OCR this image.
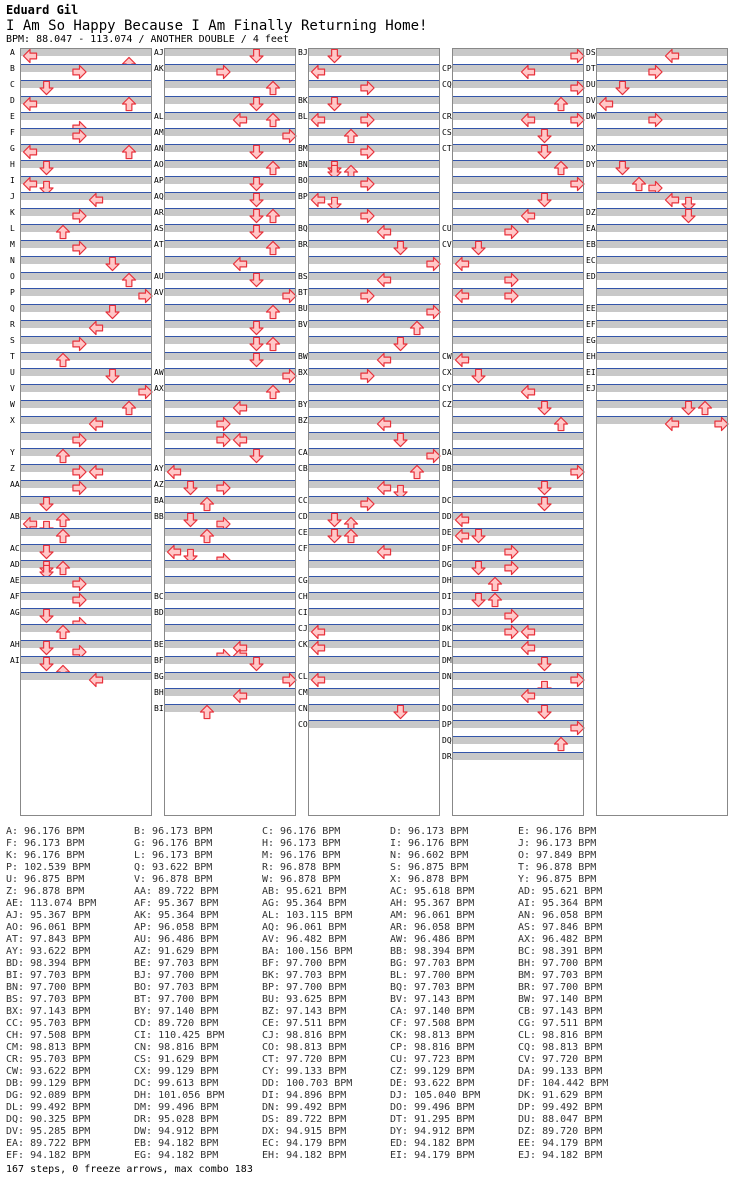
Eduard Gil
I Am So Happy Because I Am Finally Returning Home!
BPM: 88.047 - 113.074 / ANOTHER DOUBLE / 4 feet
A
B
C
D
E
F
G
H
I
J
K
L
M
N
O
P
Q
R
S
T
U
V
W
X
Y
Z
AA
AB
AC
AD
AE
AF
AG
AH
AI
AJ
AK
AL
AM
AN
AO
AP
AQ
AR
AS
AT
AU
AV
AW
AX
AY
AZ
BA
BB
BC
BD
BE
BF
BG
BH
BI
BJ
BK
BL
BM
BN
BO
BP
BQ
BR
BS
BT
BU
BV
BW
BX
BY
BZ
CA
CB
CC
CD
CE
CF
CG
CH
CI
CJ
CK
CL
CM
CN
CO
CP
CQ
CR
CS
CT
CU
CV
CW
CX
CY
CZ
DA
DB
DC
DD
DE
DF
DG
DH
DI
DJ
DK
DL
DM
DN
DO
DP
DQ
DR
DS
DT
DU
DV
DW
DX
DY
DZ
EA
EB
EC
ED
EE
EF
EG
EH
EI
EJ
A: 96.176 BPM	B: 96.173 BPM	C: 96.176 BPM	D: 96.173 BPM	E: 96.176 BPM
F: 96.173 BPM	G: 96.176 BPM	H: 96.173 BPM	I: 96.176 BPM	J: 96.173 BPM
K: 96.176 BPM	L: 96.173 BPM	M: 96.176 BPM	N: 96.602 BPM	O: 97.849 BPM
P: 102.539 BPM	Q: 93.622 BPM	R: 96.878 BPM	S: 96.875 BPM	T: 96.878 BPM
U: 96.875 BPM	V: 96.878 BPM	W: 96.878 BPM	X: 96.878 BPM	Y: 96.875 BPM
Z: 96.878 BPM	AA: 89.722 BPM	AB: 95.621 BPM	AC: 95.618 BPM	AD: 95.621 BPM
AE: 113.074 BPM	AF: 95.367 BPM	AG: 95.364 BPM	AH: 95.367 BPM	AI: 95.364 BPM
AJ: 95.367 BPM	AK: 95.364 BPM	AL: 103.115 BPM	AM: 96.061 BPM	AN: 96.058 BPM
AO: 96.061 BPM	AP: 96.058 BPM	AQ: 96.061 BPM	AR: 96.058 BPM	AS: 97.846 BPM
AT: 97.843 BPM	AU: 96.486 BPM	AV: 96.482 BPM	AW: 96.486 BPM	AX: 96.482 BPM
AY: 93.622 BPM	AZ: 91.629 BPM	BA: 100.156 BPM	BB: 98.394 BPM	BC: 98.391 BPM
BD: 98.394 BPM	BE: 97.703 BPM	BF: 97.700 BPM	BG: 97.703 BPM	BH: 97.700 BPM
BI: 97.703 BPM	BJ: 97.700 BPM	BK: 97.703 BPM	BL: 97.700 BPM	BM: 97.703 BPM
BN: 97.700 BPM	BO: 97.703 BPM	BP: 97.700 BPM	BQ: 97.703 BPM	BR: 97.700 BPM
BS: 97.703 BPM	BT: 97.700 BPM	BU: 93.625 BPM	BV: 97.143 BPM	BW: 97.140 BPM
BX: 97.143 BPM	BY: 97.140 BPM	BZ: 97.143 BPM	CA: 97.140 BPM	CB: 97.143 BPM
CC: 95.703 BPM	CD: 89.720 BPM	CE: 97.511 BPM	CF: 97.508 BPM	CG: 97.511 BPM
CH: 97.508 BPM	CI: 110.425 BPM	CJ: 98.816 BPM	CK: 98.813 BPM	CL: 98.816 BPM
CM: 98.813 BPM	CN: 98.816 BPM	CO: 98.813 BPM	CP: 98.816 BPM	CQ: 98.813 BPM
CR: 95.703 BPM	CS: 91.629 BPM	CT: 97.720 BPM	CU: 97.723 BPM	CV: 97.720 BPM
CW: 93.622 BPM	CX: 99.129 BPM	CY: 99.133 BPM	CZ: 99.129 BPM	DA: 99.133 BPM
DB: 99.129 BPM	DC: 99.613 BPM	DD: 100.703 BPM	DE: 93.622 BPM	DF: 104.442 BPM
DG: 92.089 BPM	DH: 101.056 BPM	DI: 94.896 BPM	DJ: 105.040 BPM	DK: 91.629 BPM
DL: 99.492 BPM	DM: 99.496 BPM	DN: 99.492 BPM	DO: 99.496 BPM	DP: 99.492 BPM
DQ: 90.325 BPM	DR: 95.028 BPM	DS: 89.722 BPM	DT: 91.295 BPM	DU: 88.047 BPM
DV: 95.285 BPM	DW: 94.912 BPM	DX: 94.915 BPM	DY: 94.912 BPM	DZ: 89.720 BPM
EA: 89.722 BPM	EB: 94.182 BPM	EC: 94.179 BPM	ED: 94.182 BPM	EE: 94.179 BPM
EF: 94.182 BPM	EG: 94.182 BPM	EH: 94.182 BPM	EI: 94.179 BPM	EJ: 94.182 BPM
167 steps, 0 freeze arrows, max combo 183
